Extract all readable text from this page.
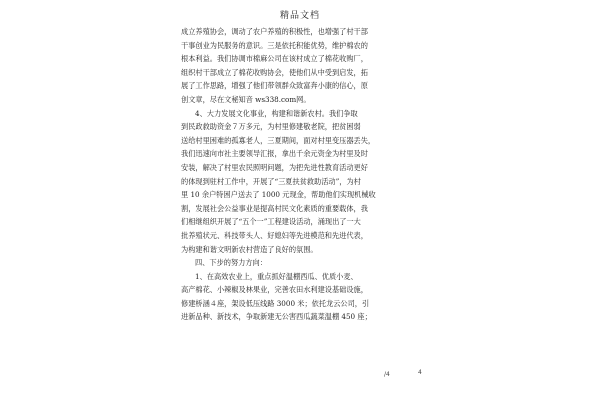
精品文档
成立养殖协会，调动了农户养殖的积极性，也增强了村干部
干事创业为民服务的意识。三是依托积能优势，维护棉农的
根本利益。我们协调市棉麻公司在该村成立了棉花收购厂，
组织村干部成立了棉花收购协会，使他们从中受到启发，拓
展了工作思路，增强了他们带领群众致富奔小康的信心，原
创文章，尽在文秘知音 ws338.com网。
4、大力发展文化事业，构建和谐新农村。我们争取
到民政救助资金７万多元，为村里修建敬老院，把贫困弱
送给村里困难的孤寡老人，三夏期间，面对村里变压器丢失，
我们迅速向市社主要领导汇报，拿出千余元资金为村里及时
安装，解决了村里农民照明问题，为把先进性教育活动更好
的体现到驻村工作中，开展了“三夏扶贫救助活动”，为村
里 10 余户特困户送去了 1000 元现金，帮助他们实现机械收
割，发展社会公益事业是提高村民文化素质的重要载体，我
们相继组织开展了“五个一”工程建设活动，涌现出了一大
批养殖状元、科技带头人、好媳妇等先进模范和先进代表，
为构建和谐文明新农村营造了良好的氛围。
四、下步的努力方向：
1、在高效农业上，重点抓好温棚西瓜、优质小麦、
高产棉花、小辣椒及林果业，完善农田水利建设基础设施，
修建桥涵４座，架设低压线路 3000 米；依托龙云公司，引
进新品种、新技术，争取新建无公害西瓜蔬菜温棚 450 座；
/4	4
